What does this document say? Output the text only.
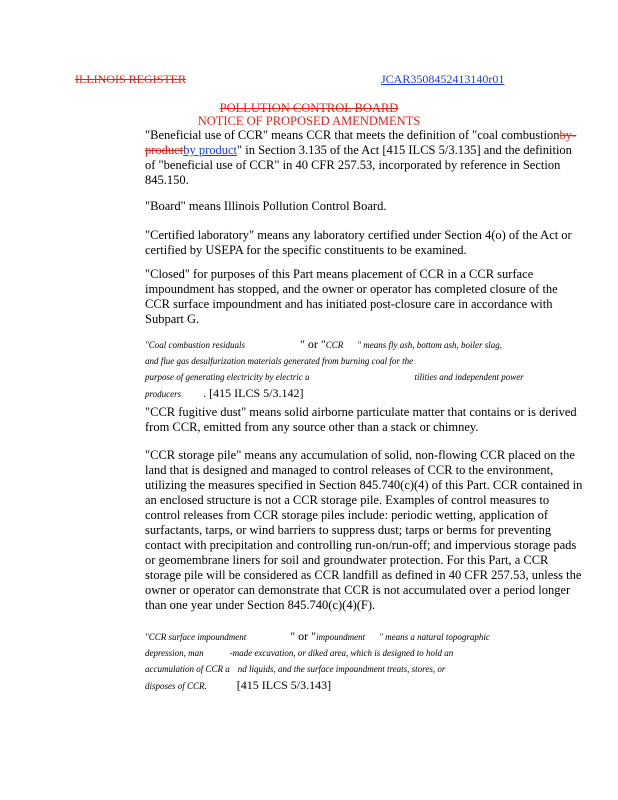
ILLINOIS REGISTER	JCAR3508452413140r01
POLLUTION CONTROL BOARD
NOTICE OF PROPOSED AMENDMENTS

"Beneficial use of CCR" means CCR that meets the definition of "coal combustionby-productby product" in Section 3.135 of the Act [415 ILCS 5/3.135] and the definition of "beneficial use of CCR" in 40 CFR 257.53, incorporated by reference in Section 845.150.

"Board" means Illinois Pollution Control Board.

"Certified laboratory" means any laboratory certified under Section 4(o) of the Act or certified by USEPA for the specific constituents to be examined.

"Closed" for purposes of this Part means placement of CCR in a CCR surface impoundment has stopped, and the owner or operator has completed closure of the CCR surface impoundment and has initiated post-closure care in accordance with Subpart G.

"Coal combustion residuals	" or "CCR " means fly ash, bottom ash, boiler slag,
and flue gas desulfurization materials generated from burning coal for the
purpose of generating electricity by electric u	tilities and independent power
producers . [415 ILCS 5/3.142]

"CCR fugitive dust" means solid airborne particulate matter that contains or is derived from CCR, emitted from any source other than a stack or chimney.

"CCR storage pile" means any accumulation of solid, non-flowing CCR placed on the land that is designed and managed to control releases of CCR to the environment, utilizing the measures specified in Section 845.740(c)(4) of this Part. CCR contained in an enclosed structure is not a CCR storage pile. Examples of control measures to control releases from CCR storage piles include: periodic wetting, application of surfactants, tarps, or wind barriers to suppress dust; tarps or berms for preventing contact with precipitation and controlling run-on/run-off; and impervious storage pads or geomembrane liners for soil and groundwater protection. For this Part, a CCR storage pile will be considered as CCR landfill as defined in 40 CFR 257.53, unless the owner or operator can demonstrate that CCR is not accumulated over a period longer than one year under Section 845.740(c)(4)(F).

"CCR surface impoundment	" or "impoundment " means a natural topographic
depression, man	-made excavation, or diked area, which is designed to hold an
accumulation of CCR a nd liquids, and the surface impoundment treats, stores, or
disposes of CCR.	[415 ILCS 5/3.143]
